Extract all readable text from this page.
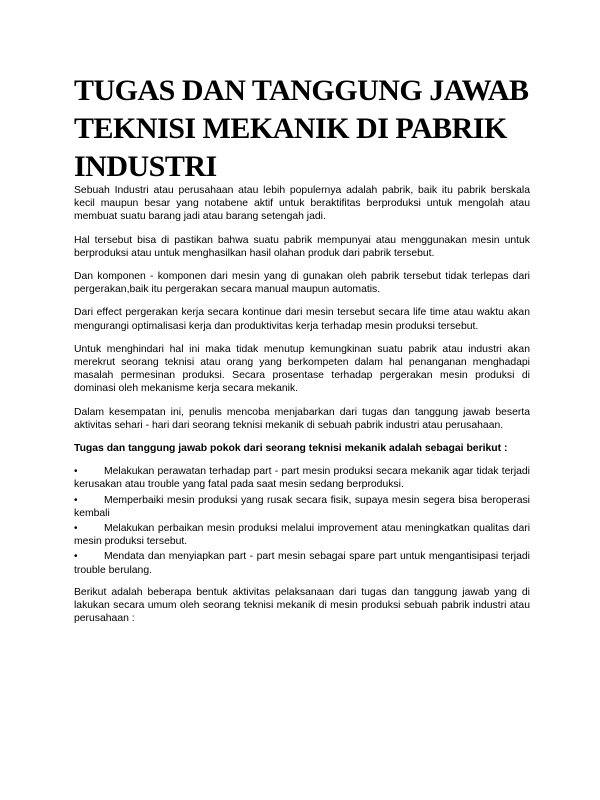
TUGAS DAN TANGGUNG JAWAB TEKNISI MEKANIK DI PABRIK INDUSTRI

Sebuah Industri atau perusahaan atau lebih populernya adalah pabrik, baik itu pabrik berskala kecil maupun besar yang notabene aktif untuk beraktifitas berproduksi untuk mengolah atau membuat suatu barang jadi atau barang setengah jadi.

Hal tersebut bisa di pastikan bahwa suatu pabrik mempunyai atau menggunakan mesin untuk berproduksi atau untuk menghasilkan hasil olahan produk dari pabrik tersebut.

Dan komponen - komponen dari mesin yang di gunakan oleh pabrik tersebut tidak terlepas dari pergerakan,baik itu pergerakan secara manual maupun automatis.

Dari effect pergerakan kerja secara kontinue dari mesin tersebut secara life time atau waktu akan mengurangi optimalisasi kerja dan produktivitas kerja terhadap mesin produksi tersebut.

Untuk menghindari hal ini maka tidak menutup kemungkinan suatu pabrik atau industri akan merekrut seorang teknisi atau orang yang berkompeten dalam hal penanganan menghadapi masalah permesinan produksi. Secara prosentase terhadap pergerakan mesin produksi di dominasi oleh mekanisme kerja secara mekanik.

Dalam kesempatan ini, penulis mencoba menjabarkan dari tugas dan tanggung jawab beserta aktivitas sehari - hari dari seorang teknisi mekanik di sebuah pabrik industri atau perusahaan.

Tugas dan tanggung jawab pokok dari seorang teknisi mekanik adalah sebagai berikut :

•	Melakukan perawatan terhadap part - part mesin produksi secara mekanik agar tidak terjadi kerusakan atau trouble yang fatal pada saat mesin sedang berproduksi.
•	Memperbaiki mesin produksi yang rusak secara fisik, supaya mesin segera bisa beroperasi kembali
•	Melakukan perbaikan mesin produksi melalui improvement atau meningkatkan qualitas dari mesin produksi tersebut.
•	Mendata dan menyiapkan part - part mesin sebagai spare part untuk mengantisipasi terjadi trouble berulang.

Berikut adalah beberapa bentuk aktivitas pelaksanaan dari tugas dan tanggung jawab yang di lakukan secara umum oleh seorang teknisi mekanik di mesin produksi sebuah pabrik industri atau perusahaan :
